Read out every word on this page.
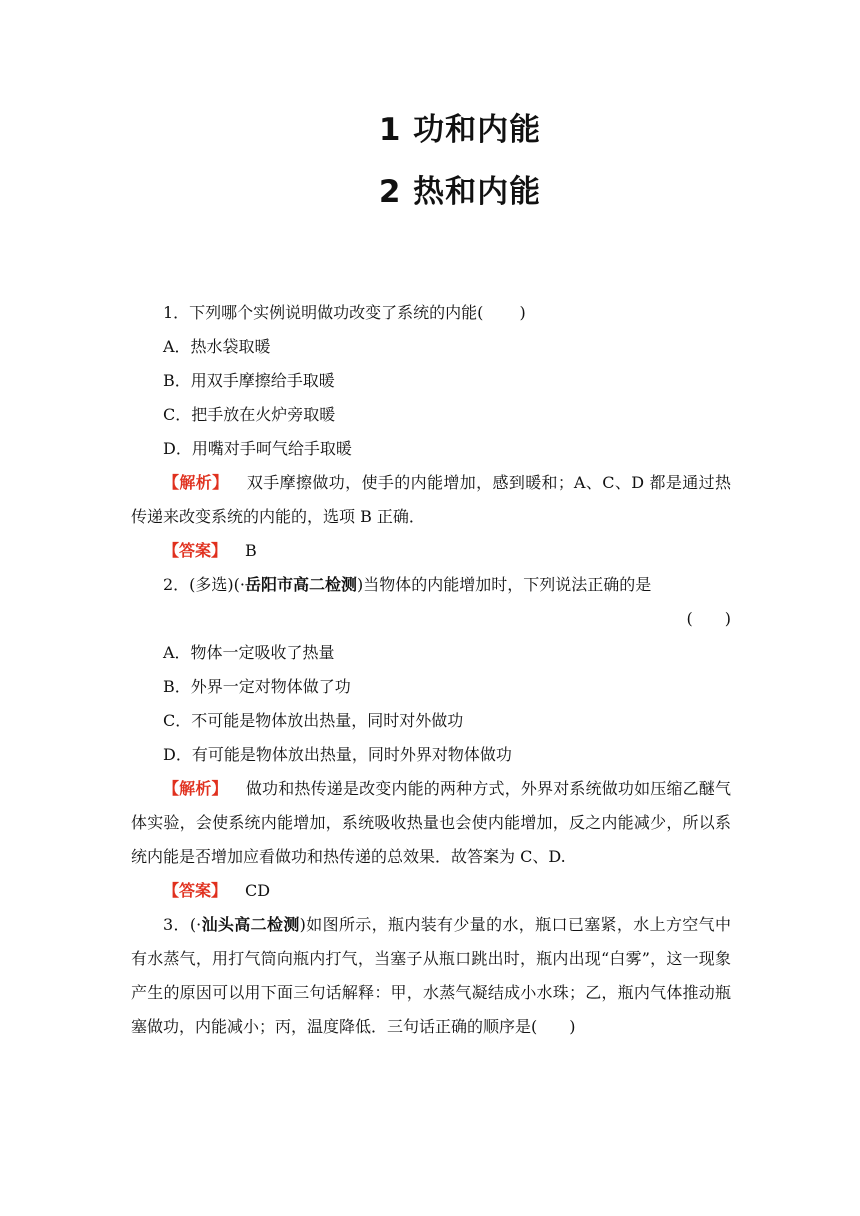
1 功和内能
2 热和内能
1．下列哪个实例说明做功改变了系统的内能( )
A．热水袋取暖
B．用双手摩擦给手取暖
C．把手放在火炉旁取暖
D．用嘴对手呵气给手取暖
【解析】 双手摩擦做功，使手的内能增加，感到暖和；A、C、D 都是通过热传递来改变系统的内能的，选项 B 正确．
【答案】 B
2．(多选)(·岳阳市高二检测)当物体的内能增加时，下列说法正确的是
(　　)
A．物体一定吸收了热量
B．外界一定对物体做了功
C．不可能是物体放出热量，同时对外做功
D．有可能是物体放出热量，同时外界对物体做功
【解析】 做功和热传递是改变内能的两种方式，外界对系统做功如压缩乙醚气体实验，会使系统内能增加，系统吸收热量也会使内能增加，反之内能减少，所以系统内能是否增加应看做功和热传递的总效果．故答案为 C、D.
【答案】 CD
3．(·汕头高二检测)如图所示，瓶内装有少量的水，瓶口已塞紧，水上方空气中有水蒸气，用打气筒向瓶内打气，当塞子从瓶口跳出时，瓶内出现“白雾”，这一现象产生的原因可以用下面三句话解释：甲，水蒸气凝结成小水珠；乙，瓶内气体推动瓶塞做功，内能减小；丙，温度降低．三句话正确的顺序是(　　)
